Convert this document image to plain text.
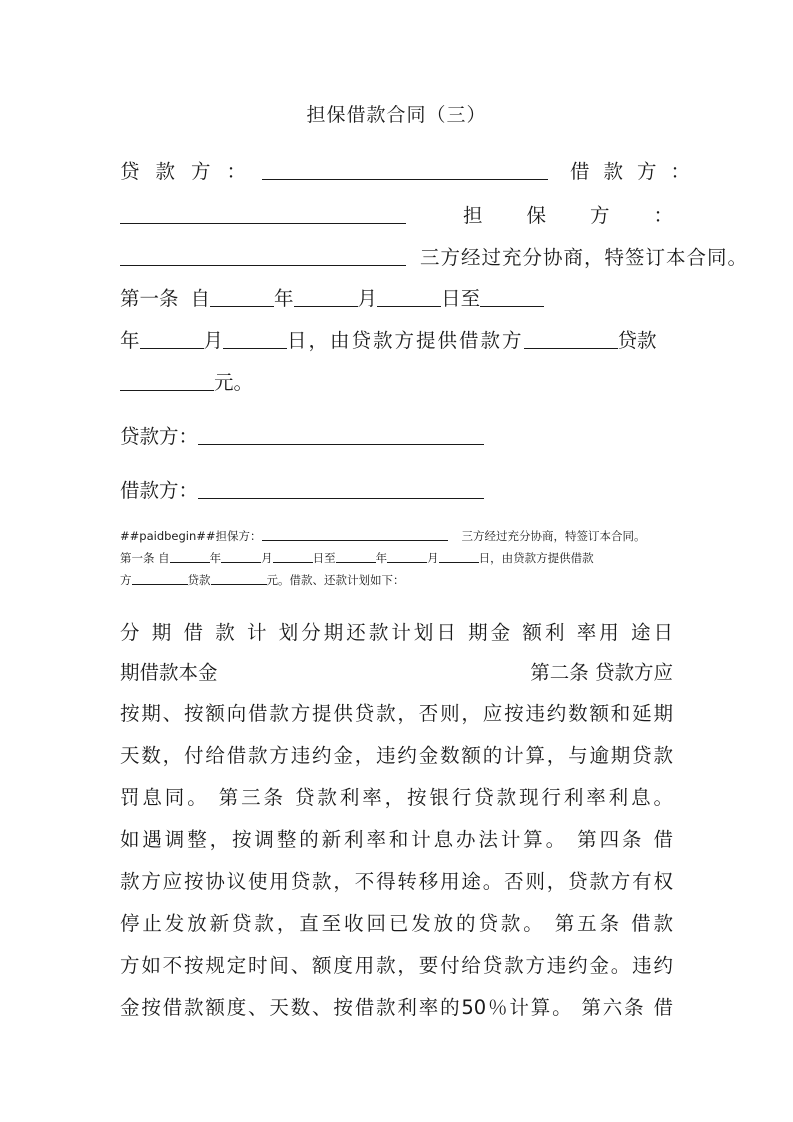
担保借款合同（三）
贷款方：	借款方：
担保方：
三方经过充分协商，特签订本合同。
第一条 自	年	月	日至
年	月	日，由贷款方提供借款方	贷款
元。
贷款方：
借款方：
##paidbegin##担保方：	三方经过充分协商，特签订本合同。
第一条 自	年	月	日至	年	月	日，由贷款方提供借款
方	贷款	元。借款、还款计划如下：
分 期 借 款 计 划分期还款计划日 期金 额利 率用 途日
期借款本金	第二条 贷款方应
按期、按额向借款方提供贷款，否则，应按违约数额和延期
天数，付给借款方违约金，违约金数额的计算，与逾期贷款
罚息同。 第三条 贷款利率，按银行贷款现行利率利息。
如遇调整，按调整的新利率和计息办法计算。 第四条 借
款方应按协议使用贷款，不得转移用途。否则，贷款方有权
停止发放新贷款，直至收回已发放的贷款。 第五条 借款
方如不按规定时间、额度用款，要付给贷款方违约金。违约
金按借款额度、天数、按借款利率的50％计算。 第六条 借
